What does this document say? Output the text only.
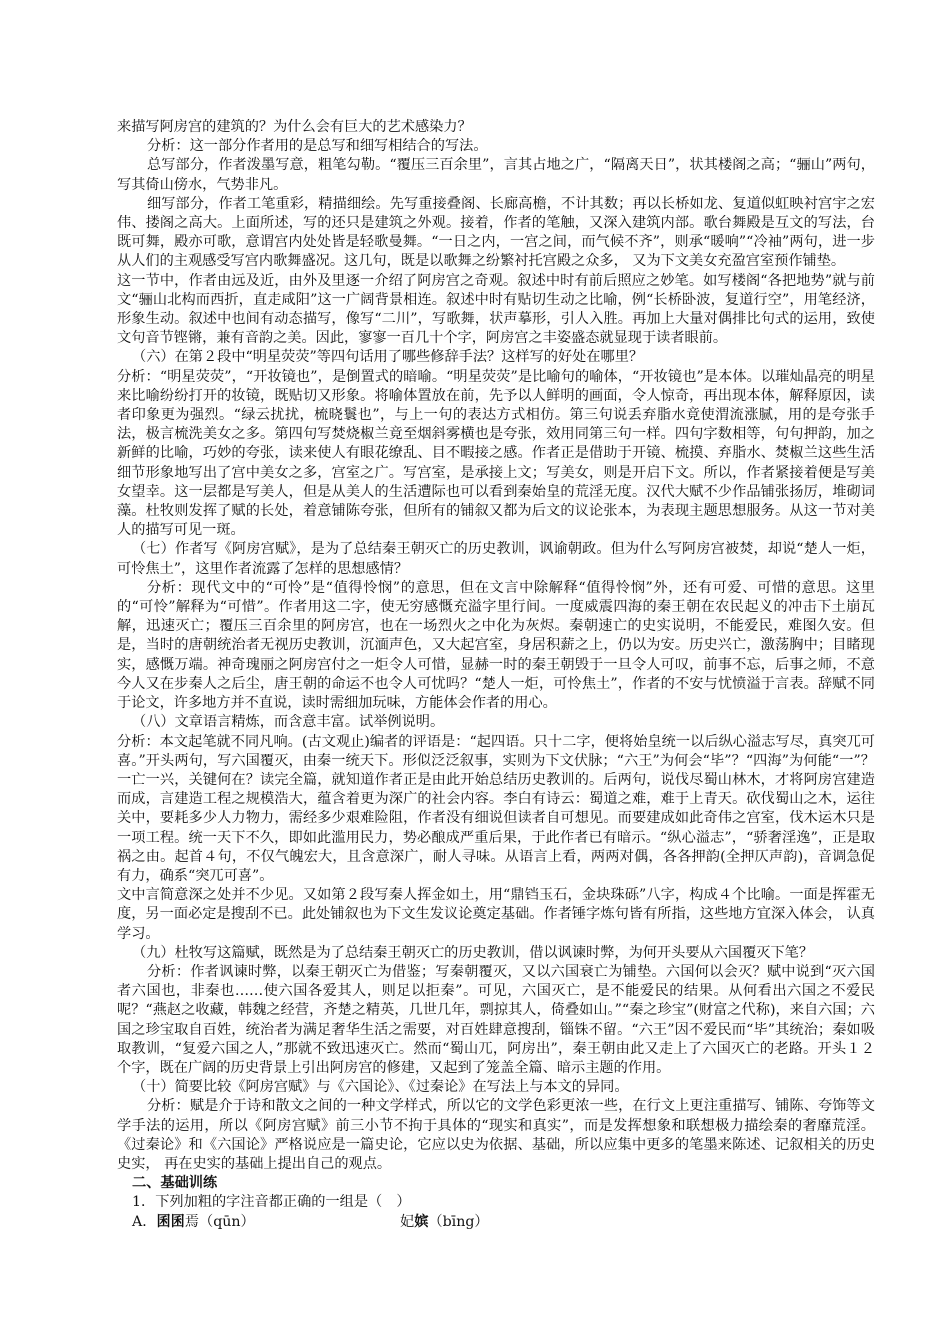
来描写阿房宫的建筑的？为什么会有巨大的艺术感染力？

分析：这一部分作者用的是总写和细写相结合的写法。

总写部分，作者泼墨写意，粗笔勾勒。“覆压三百余里”，言其占地之广，“隔离天日”，状其楼阁之高；“骊山”两句，写其倚山傍水，气势非凡。

细写部分，作者工笔重彩，精描细绘。先写重接叠阁、长廊高檐，不计其数；再以长桥如龙、复道似虹映衬宫宇之宏伟、搂阁之高大。上面所述，写的还只是建筑之外观。接着，作者的笔触，又深入建筑内部。歌台舞殿是互文的写法，台既可舞，殿亦可歌，意谓宫内处处皆是轻歌曼舞。“一日之内，一宫之间，而气候不齐”，则承“暖响”“冷袖”两句，进一步从人们的主观感受写宫内歌舞盛况。这几句，既是以歌舞之纷繁衬托宫殿之众多， 又为下文美女充盈宫室预作铺垫。

这一节中，作者由远及近，由外及里逐一介绍了阿房宫之奇观。叙述中时有前后照应之妙笔。如写楼阁“各把地势”就与前文“骊山北构而西折，直走咸阳”这一广阔背景相连。叙述中时有贴切生动之比喻，例“长桥卧波，复道行空”，用笔经济，形象生动。叙述中也间有动态描写，像写“二川”，写歌舞，状声摹形，引人入胜。再加上大量对偶排比句式的运用，致使文句音节铿锵，兼有音韵之美。因此，寥寥一百几十个字，阿房宫之丰姿盛态就显现于读者眼前。

（六）在第２段中“明星荧荧”等四句话用了哪些修辞手法？这样写的好处在哪里？

分析：“明星荧荧”，“开妆镜也”，是倒置式的暗喻。“明星荧荧”是比喻句的喻体，“开妆镜也”是本体。以璀灿晶亮的明星来比喻纷纷打开的妆镜，既贴切又形象。将喻体置放在前，先予以人鲜明的画面，令人惊奇，再出现本体，解释原因，读者印象更为强烈。“绿云扰扰，梳晓鬟也”，与上一句的表达方式相仿。第三句说丢弃脂水竟使渭流涨腻，用的是夸张手法，极言梳洗美女之多。第四句写焚烧椒兰竟至烟斜雾横也是夸张，效用同第三句一样。四句字数相等，句句押韵，加之新鲜的比喻，巧妙的夸张，读来使人有眼花缭乱、目不暇接之感。作者正是借助于开镜、梳摸、弃脂水、焚椒兰这些生活细节形象地写出了宫中美女之多，宫室之广。写宫室，是承接上文；写美女，则是开启下文。所以，作者紧接着便是写美女望幸。这一层都是写美人，但是从美人的生活遭际也可以看到秦始皇的荒淫无度。汉代大赋不少作品铺张扬厉，堆砌词藻。杜牧则发挥了赋的长处，着意铺陈夸张，但所有的铺叙又都为后文的议论张本，为表现主题思想服务。从这一节对美人的描写可见一斑。

（七）作者写《阿房宫赋》，是为了总结秦王朝灭亡的历史教训，讽谕朝政。但为什么写阿房宫被焚，却说“楚人一炬，可怜焦土”，这里作者流露了怎样的思想感情？

分析：现代文中的“可怜”是“值得怜悯”的意思，但在文言中除解释“值得怜悯”外，还有可爱、可惜的意思。这里的“可怜”解释为“可惜”。作者用这二字，使无穷感慨充溢字里行间。一度威震四海的秦王朝在农民起义的冲击下土崩瓦解，迅速灭亡；覆压三百余里的阿房宫，也在一场烈火之中化为灰烬。秦朝速亡的史实说明，不能爱民，难图久安。但是，当时的唐朝统治者无视历史教训，沉湎声色，又大起宫室，身居积薪之上，仍以为安。历史兴亡，激荡胸中；目睹现实，感慨万端。神奇瑰丽之阿房宫付之一炬令人可惜，显赫一时的秦王朝毁于一旦令人可叹，前事不忘，后事之师，不意今人又在步秦人之后尘，唐王朝的命运不也令人可忧吗？“楚人一炬，可怜焦土”，作者的不安与忧愤溢于言表。辞赋不同于论文，许多地方并不直说，读时需细加玩味，方能体会作者的用心。

（八）文章语言精炼，而含意丰富。试举例说明。

分析：本文起笔就不同凡响。(古文观止)编者的评语是：“起四语。只十二字，便将始皇统一以后纵心溢志写尽，真突兀可喜。”开头两句，写六国覆灭，由秦一统天下。形似泛泛叙事，实则为下文伏脉；“六王”为何会“毕”？“四海”为何能“一”？一亡一兴，关键何在？读完全篇，就知道作者正是由此开始总结历史教训的。后两句，说伐尽蜀山林木，才将阿房宫建造而成，言建造工程之规模浩大，蕴含着更为深广的社会内容。李白有诗云：蜀道之难，难于上青天。砍伐蜀山之木，运往关中，要耗多少人力物力，需经多少艰难险阻，作者没有细说但读者自可想见。而要建成如此奇伟之宫室，伐木运木只是一项工程。统一天下不久，即如此滥用民力，势必酿成严重后果，于此作者已有暗示。“纵心溢志”，“骄奢淫逸”，正是取祸之由。起首４句，不仅气魄宏大，且含意深广，耐人寻味。从语言上看，两两对偶，各各押韵(全押仄声韵)，音调急促有力，确系“突兀可喜”。

文中言简意深之处并不少见。又如第２段写秦人挥金如土，用“鼎铛玉石，金块珠砾”八字，构成４个比喻。一面是挥霍无度，另一面必定是搜刮不已。此处铺叙也为下文生发议论奠定基础。作者锤字炼句皆有所指，这些地方宜深入体会， 认真学习。

（九）杜牧写这篇赋，既然是为了总结秦王朝灭亡的历史教训，借以讽谏时弊，为何开头要从六国覆灭下笔？

分析：作者讽谏时弊，以秦王朝灭亡为借鉴；写秦朝覆灭，又以六国衰亡为铺垫。六国何以会灭？赋中说到“灭六国者六国也，非秦也……使六国各爱其人，则足以拒秦”。可见，六国灭亡，是不能爱民的结果。从何看出六国之不爱民呢？“燕赵之收藏，韩魏之经营，齐楚之精英，几世几年，剽掠其人，倚叠如山。”“秦之珍宝”(财富之代称)，来自六国；六国之珍宝取自百姓，统治者为满足奢华生活之需要，对百姓肆意搜刮，锱铢不留。“六王”因不爱民而“毕”其统治；秦如吸取教训，“复爱六国之人，”那就不致迅速灭亡。然而“蜀山兀，阿房出”，秦王朝由此又走上了六国灭亡的老路。开头１２个字，既在广阔的历史背景上引出阿房宫的修建，又起到了笼盖全篇、暗示主题的作用。

（十）简要比较《阿房宫赋》与《六国论》、《过秦论》在写法上与本文的异同。

分析：赋是介于诗和散文之间的一种文学样式，所以它的文学色彩更浓一些，在行文上更注重描写、铺陈、夸饰等文学手法的运用，所以《阿房宫赋》前三小节不拘于具体的“现实和真实”，而是发挥想象和联想极力描绘秦的奢靡荒淫。《过秦论》和《六国论》严格说应是一篇史论，它应以史为依据、基础，所以应集中更多的笔墨来陈述、记叙相关的历史史实， 再在史实的基础上提出自己的观点。

二、基础训练

1．下列加粗的字注音都正确的一组是（　）

A．囷囷焉（qūn）	妃嫔（bīng）
